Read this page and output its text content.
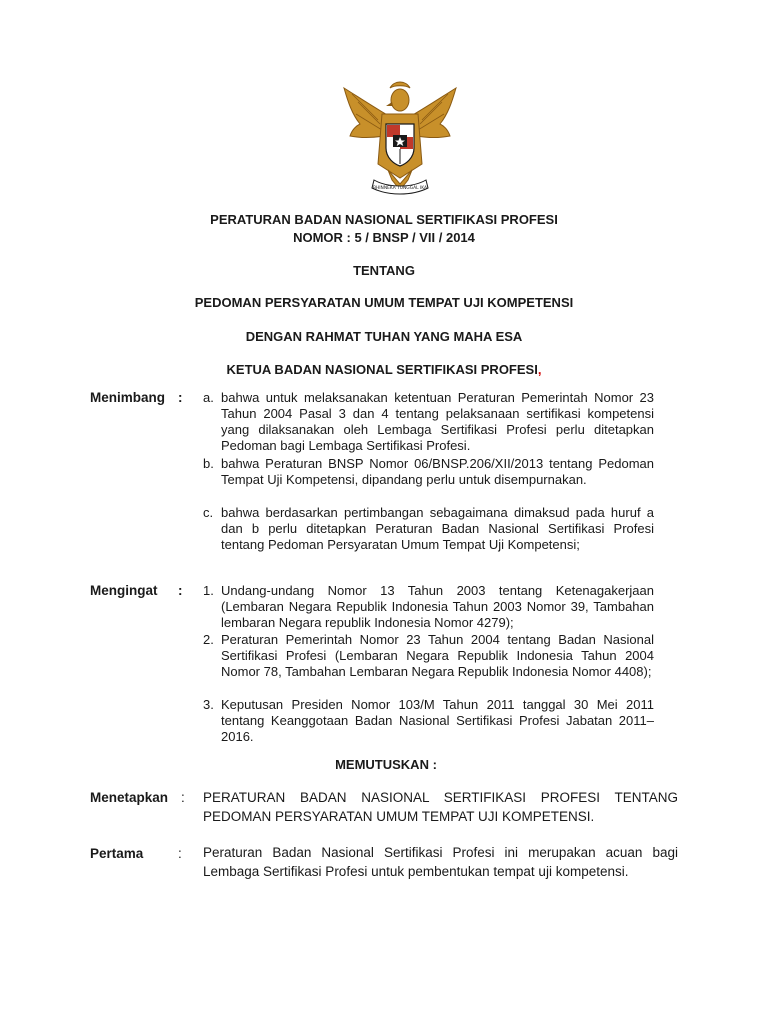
BHINNEKA TUNGGAL IKA
PERATURAN BADAN NASIONAL SERTIFIKASI PROFESI
NOMOR : 5 / BNSP / VII / 2014
TENTANG
PEDOMAN PERSYARATAN UMUM TEMPAT UJI KOMPETENSI
DENGAN RAHMAT TUHAN YANG MAHA ESA
KETUA BADAN NASIONAL SERTIFIKASI PROFESI,
Menimbang : a. bahwa untuk melaksanakan ketentuan Peraturan Pemerintah Nomor 23 Tahun 2004 Pasal 3 dan 4 tentang pelaksanaan sertifikasi kompetensi yang dilaksanakan oleh Lembaga Sertifikasi Profesi perlu ditetapkan Pedoman bagi Lembaga Sertifikasi Profesi.
b. bahwa Peraturan BNSP Nomor 06/BNSP.206/XII/2013 tentang Pedoman Tempat Uji Kompetensi, dipandang perlu untuk disempurnakan.
c. bahwa berdasarkan pertimbangan sebagaimana dimaksud pada huruf a dan b perlu ditetapkan Peraturan Badan Nasional Sertifikasi Profesi tentang Pedoman Persyaratan Umum Tempat Uji Kompetensi;
Mengingat : 1. Undang-undang Nomor 13 Tahun 2003 tentang Ketenagakerjaan (Lembaran Negara Republik Indonesia Tahun 2003 Nomor 39, Tambahan lembaran Negara republik Indonesia Nomor 4279);
2. Peraturan Pemerintah Nomor 23 Tahun 2004 tentang Badan Nasional Sertifikasi Profesi (Lembaran Negara Republik Indonesia Tahun 2004 Nomor 78, Tambahan Lembaran Negara Republik Indonesia Nomor 4408);
3. Keputusan Presiden Nomor 103/M Tahun 2011 tanggal 30 Mei 2011 tentang Keanggotaan Badan Nasional Sertifikasi Profesi Jabatan 2011–2016.
MEMUTUSKAN :
Menetapkan : PERATURAN BADAN NASIONAL SERTIFIKASI PROFESI TENTANG PEDOMAN PERSYARATAN UMUM TEMPAT UJI KOMPETENSI.
Pertama	: Peraturan Badan Nasional Sertifikasi Profesi ini merupakan acuan bagi Lembaga Sertifikasi Profesi untuk pembentukan tempat uji kompetensi.
